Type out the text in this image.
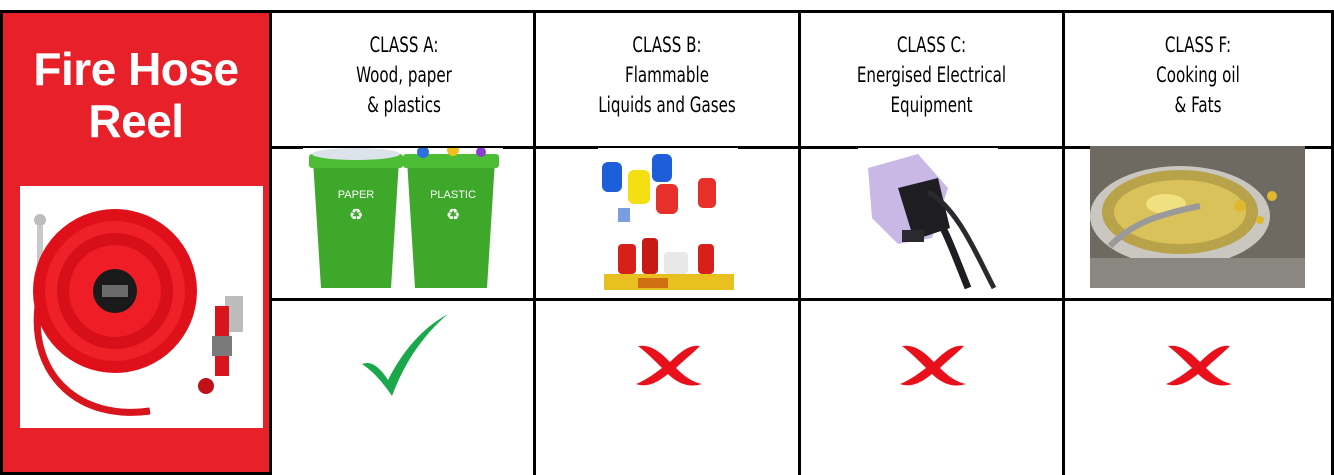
Fire Hose
Reel
CLASS A:
Wood, paper
& plastics
CLASS B:
Flammable
Liquids and Gases
CLASS C:
Energised Electrical
Equipment
CLASS F:
Cooking oil
& Fats
PAPER
♻
PLASTIC
♻
